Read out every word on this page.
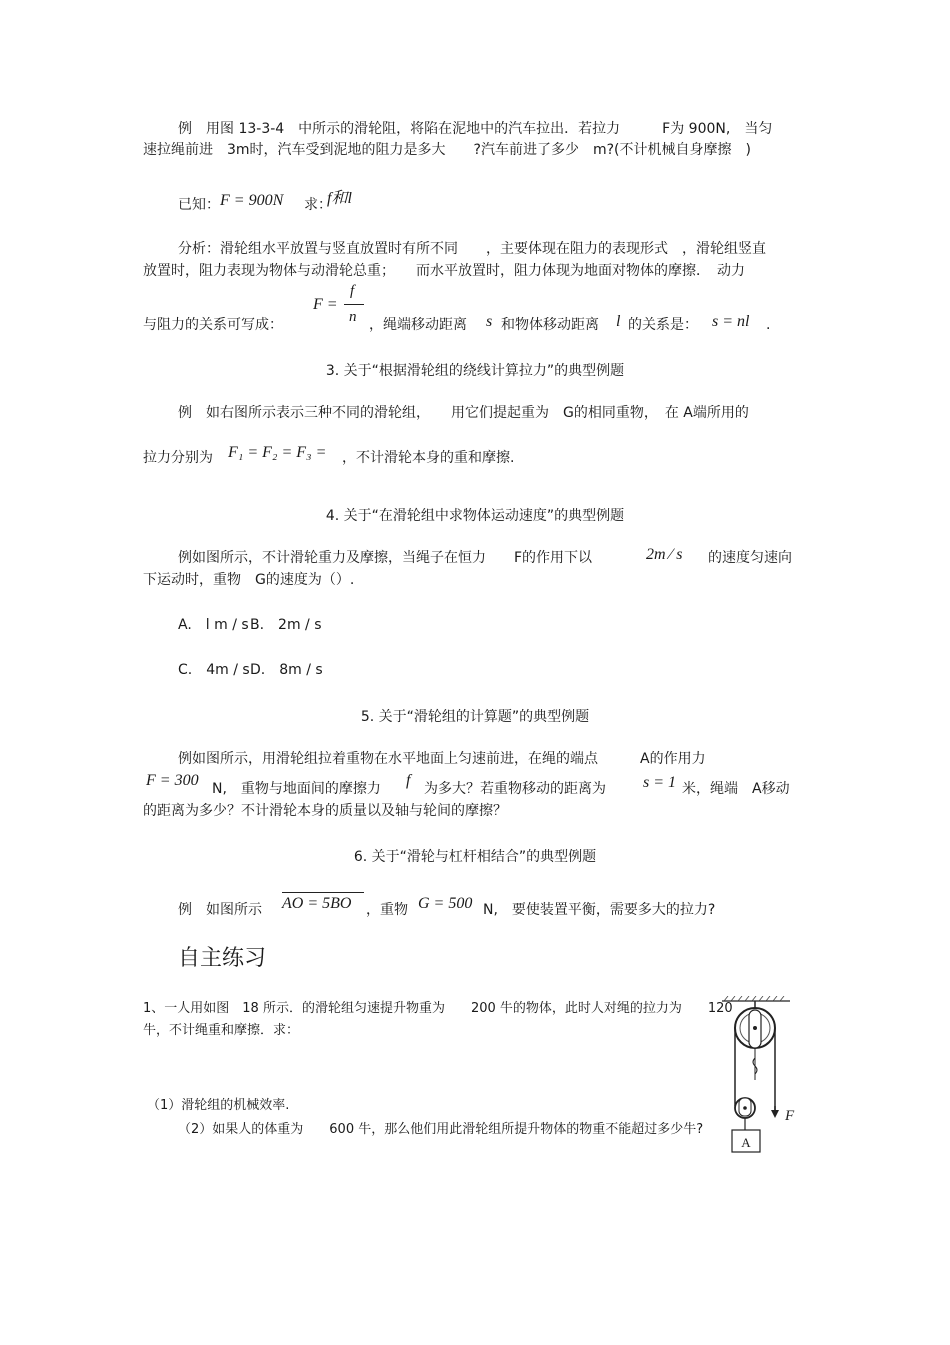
例　用图 13-3-4　中所示的滑轮阻，将陷在泥地中的汽车拉出．若拉力　　　F为 900N,　当匀
速拉绳前进　3m时，汽车受到泥地的阻力是多大　　?汽车前进了多少　m?(不计机械自身摩擦　)
已知： F = 900N 求：
f和l
分析：滑轮组水平放置与竖直放置时有所不同　　，主要体现在阻力的表现形式　，滑轮组竖直
放置时，阻力表现为物体与动滑轮总重；　　而水平放置时，阻力体现为地面对物体的摩擦．　动力
与阻力的关系可写成：
F =
f
n ，绳端移动距离 s 和物体移动距离 l 的关系是： s = nl .
3. 关于“根据滑轮组的绕线计算拉力”的典型例题
例　如右图所示表示三种不同的滑轮组，　　用它们提起重为　G的相同重物，　在 A端所用的
拉力分别为 F₁ = F₂ = F₃ = ，不计滑轮本身的重和摩擦.
4. 关于“在滑轮组中求物体运动速度”的典型例题
例如图所示，不计滑轮重力及摩擦，当绳子在恒力　　F的作用下以	2m ∕ s 的速度匀速向
下运动时，重物　G的速度为（）.
A.　l m / s B.　2m / s
C.　4m / s D.　8m / s
5. 关于“滑轮组的计算题”的典型例题
例如图所示，用滑轮组拉着重物在水平地面上匀速前进，在绳的端点　　　A的作用力
F = 300 N,　重物与地面间的摩擦力 f 为多大？若重物移动的距离为 s = 1 米，绳端　A移动
的距离为多少？不计滑轮本身的质量以及轴与轮间的摩擦？
6. 关于“滑轮与杠杆相结合”的典型例题
例　如图所示 AO = 5BO ，重物 G = 500 N,　要使装置平衡，需要多大的拉力?
自主练习
1、一人用如图　18 所示．的滑轮组匀速提升物重为　　200 牛的物体，此时人对绳的拉力为　　120
牛，不计绳重和摩擦．求：
（1）滑轮组的机械效率.
（2）如果人的体重为　　600 牛，那么他们用此滑轮组所提升物体的物重不能超过多少牛?
A
F
